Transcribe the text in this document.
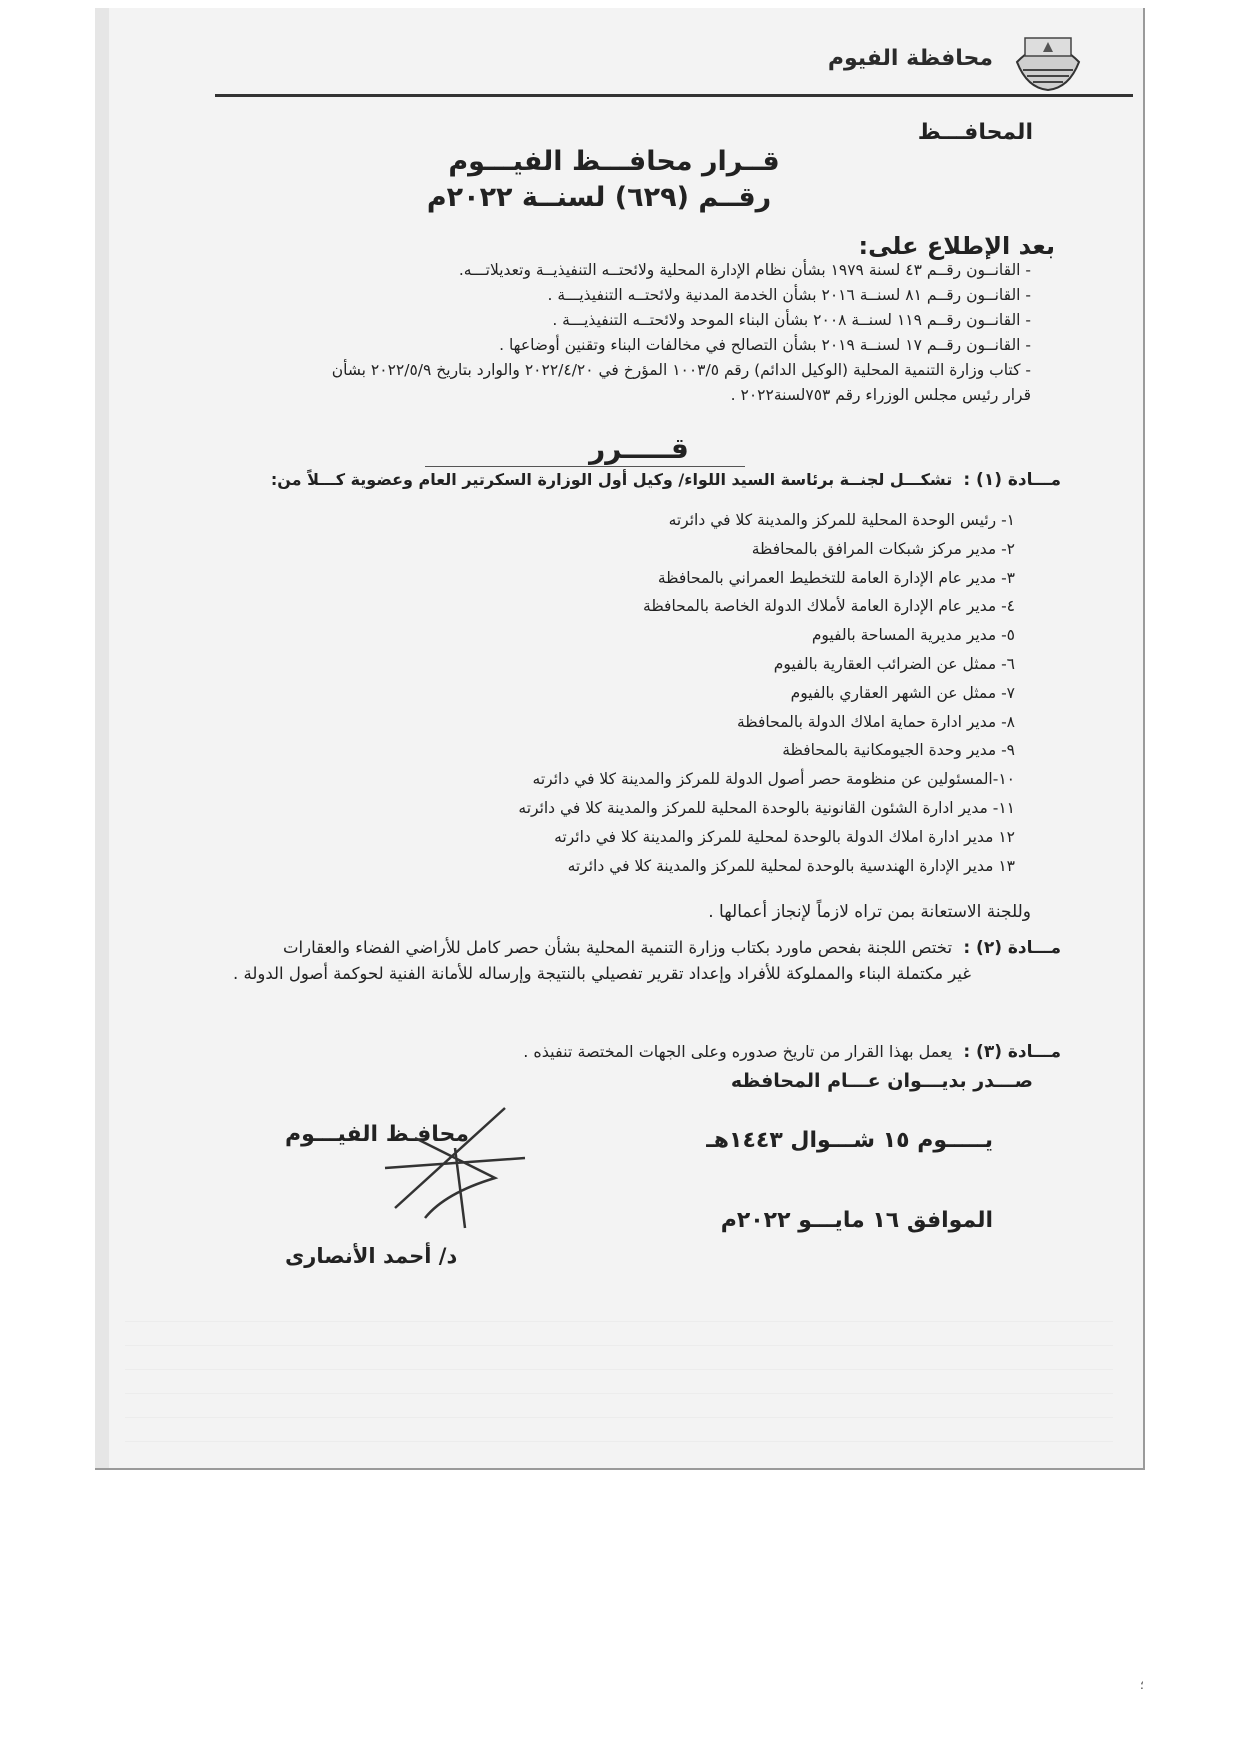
محافظة الفيوم
المحافـــظ
قــرار محافـــظ الفيـــوم
رقــم (٦٢٩) لسنــة ٢٠٢٢م
بعد الإطلاع على:
- القانــون رقــم ٤٣ لسنة ١٩٧٩ بشأن نظام الإدارة المحلية ولائحتــه التنفيذيــة وتعديلاتـــه.
- القانــون رقــم ٨١ لسنــة ٢٠١٦ بشأن الخدمة المدنية ولائحتــه التنفيذيـــة .
- القانــون رقــم ١١٩ لسنــة ٢٠٠٨ بشأن البناء الموحد ولائحتــه التنفيذيـــة .
- القانــون رقــم ١٧ لسنــة ٢٠١٩ بشأن التصالح في مخالفات البناء وتقنين أوضاعها .
- كتاب وزارة التنمية المحلية (الوكيل الدائم) رقم ١٠٠٣/٥ المؤرخ في ٢٠٢٢/٤/٢٠ والوارد بتاريخ ٢٠٢٢/٥/٩ بشأن
قرار رئيس مجلس الوزراء رقم ٧٥٣لسنة٢٠٢٢ .
قـــــرر
مـــادة (١) : تشكـــل لجنــة برئاسة السيد اللواء/ وكيل أول الوزارة السكرتير العام وعضوية كـــلاً من:
١- رئيس الوحدة المحلية للمركز والمدينة كلا في دائرته
٢- مدير مركز شبكات المرافق بالمحافظة
٣- مدير عام الإدارة العامة للتخطيط العمراني بالمحافظة
٤- مدير عام الإدارة العامة لأملاك الدولة الخاصة بالمحافظة
٥- مدير مديرية المساحة بالفيوم
٦- ممثل عن الضرائب العقارية بالفيوم
٧- ممثل عن الشهر العقاري بالفيوم
٨- مدير ادارة حماية املاك الدولة بالمحافظة
٩- مدير وحدة الجيومكانية بالمحافظة
١٠-المسئولين عن منظومة حصر أصول الدولة للمركز والمدينة كلا في دائرته
١١- مدير ادارة الشئون القانونية بالوحدة المحلية للمركز والمدينة كلا في دائرته
١٢ مدير ادارة املاك الدولة بالوحدة لمحلية للمركز والمدينة كلا في دائرته
١٣ مدير الإدارة الهندسية بالوحدة لمحلية للمركز والمدينة كلا في دائرته
وللجنة الاستعانة بمن تراه لازماً لإنجاز أعمالها .
مـــادة (٢) : تختص اللجنة بفحص ماورد بكتاب وزارة التنمية المحلية بشأن حصر كامل للأراضي الفضاء والعقارات
غير مكتملة البناء والمملوكة للأفراد وإعداد تقرير تفصيلي بالنتيجة وإرساله للأمانة الفنية لحوكمة أصول الدولة .
مـــادة (٣) : يعمل بهذا القرار من تاريخ صدوره وعلى الجهات المختصة تنفيذه .
صـــدر بديـــوان عـــام المحافظه
يـــــوم ١٥ شـــوال ١٤٤٣هـ
الموافق ١٦ مايـــو ٢٠٢٢م
محافـظ الفيـــوم
د/ أحمد الأنصارى
؛
